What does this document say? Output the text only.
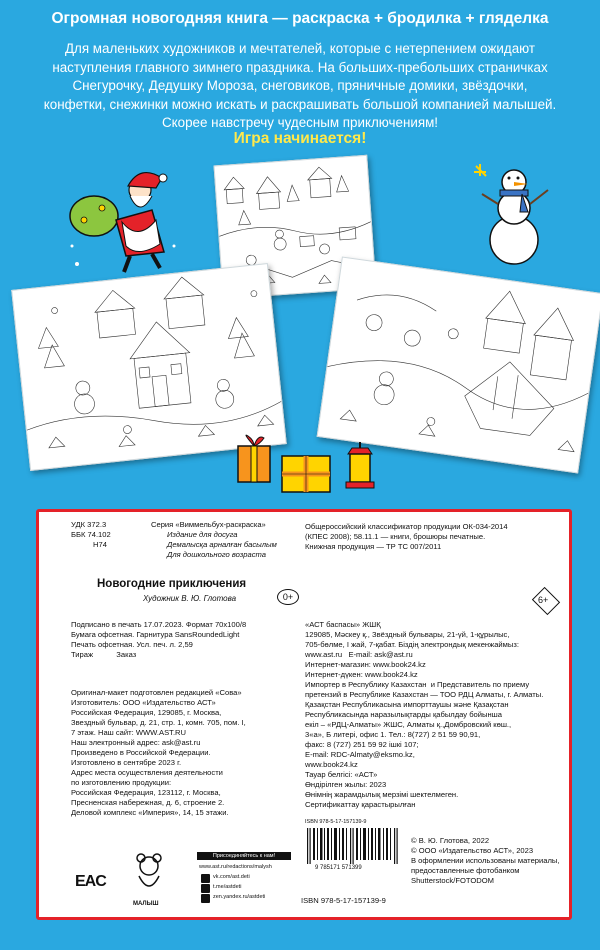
Огромная новогодняя книга — раскраска + бродилка + гляделка
Для маленьких художников и мечтателей, которые с нетерпением ожидают наступления главного зимнего праздника. На больших-пребольших страничках Снегурочку, Дедушку Мороза, снеговиков, пряничные домики, звёздочки, конфетки, снежинки можно искать и раскрашивать большой компанией малышей. Скорее навстречу чудесным приключениям!
Игра начинается!
УДК 372.3
ББК 74.102
Н74
Серия «Виммельбух-раскраска»
Издание для досуга
Демалысқа арналған басылым
Для дошкольного возраста
Общероссийский классификатор продукции ОК-034-2014
(КПЕС 2008); 58.11.1 — книги, брошюры печатные.
Книжная продукция — ТР ТС 007/2011
Новогодние приключения
Художник В. Ю. Глотова	0+	6+
Подписано в печать 17.07.2023. Формат 70x100/8
Бумага офсетная. Гарнитура SansRoundedLight
Печать офсетная. Усл. печ. л. 2,59
Тираж           Заказ
«АСТ баспасы» ЖШҚ
129085, Мәскеу қ., Звёздный бульвары, 21-үй, 1-құрылыс,
705-бөлме, I жай, 7-қабат. Біздің электрондық мекенжаймыз:
www.ast.ru   E-mail: ask@ast.ru
Интернет-магазин: www.book24.kz
Интернет-дүкен: www.book24.kz
Импортер в Республику Казахстан  и Представитель по приему
претензий в Республике Казахстан — ТОО РДЦ Алматы, г. Алматы.
Қазақстан Республикасына импорттаушы және Қазақстан
Республикасында наразылықтарды қабылдау бойынша
екіл – «РДЦ-Алматы» ЖШС, Алматы қ.,Домбровский көш.,
3«а», Б литері, офис 1. Тел.: 8(727) 2 51 59 90,91,
факс: 8 (727) 251 59 92 ішкі 107;
E-mail: RDC-Almaty@eksmo.kz,
www.book24.kz
Тауар белгісі: «АСТ»
Өндірілген жылы: 2023
Өнімнің жарамдылық мерзімі шектелмеген.
Сертификаттау қарастырылған
Оригинал-макет подготовлен редакцией «Сова»
Изготовитель: ООО «Издательство АСТ»
Российская Федерация, 129085, г. Москва,
Звездный бульвар, д. 21, стр. 1, комн. 705, пом. I,
7 этаж. Наш сайт: WWW.AST.RU
Наш электронный адрес: ask@ast.ru
Произведено в Российской Федерации.
Изготовлено в сентябре 2023 г.
Адрес места осуществления деятельности
по изготовлению продукции:
Российская Федерация, 123112, г. Москва,
Пресненская набережная, д. 6, строение 2.
Деловой комплекс «Империя», 14, 15 этажи.
EAC
МАЛЫШ
Присоединяйтесь к нам!
www.ast.ru/redactions/malysh
vk.com/ast.deti
t.me/astdeti
zen.yandex.ru/astdeti
ISBN 978-5-17-157139-9
9 785171 571399
ISBN 978-5-17-157139-9
© В. Ю. Глотова, 2022
© ООО «Издательство АСТ», 2023
В оформлении использованы материалы,
предоставленные фотобанком
Shutterstock/FOTODOM
